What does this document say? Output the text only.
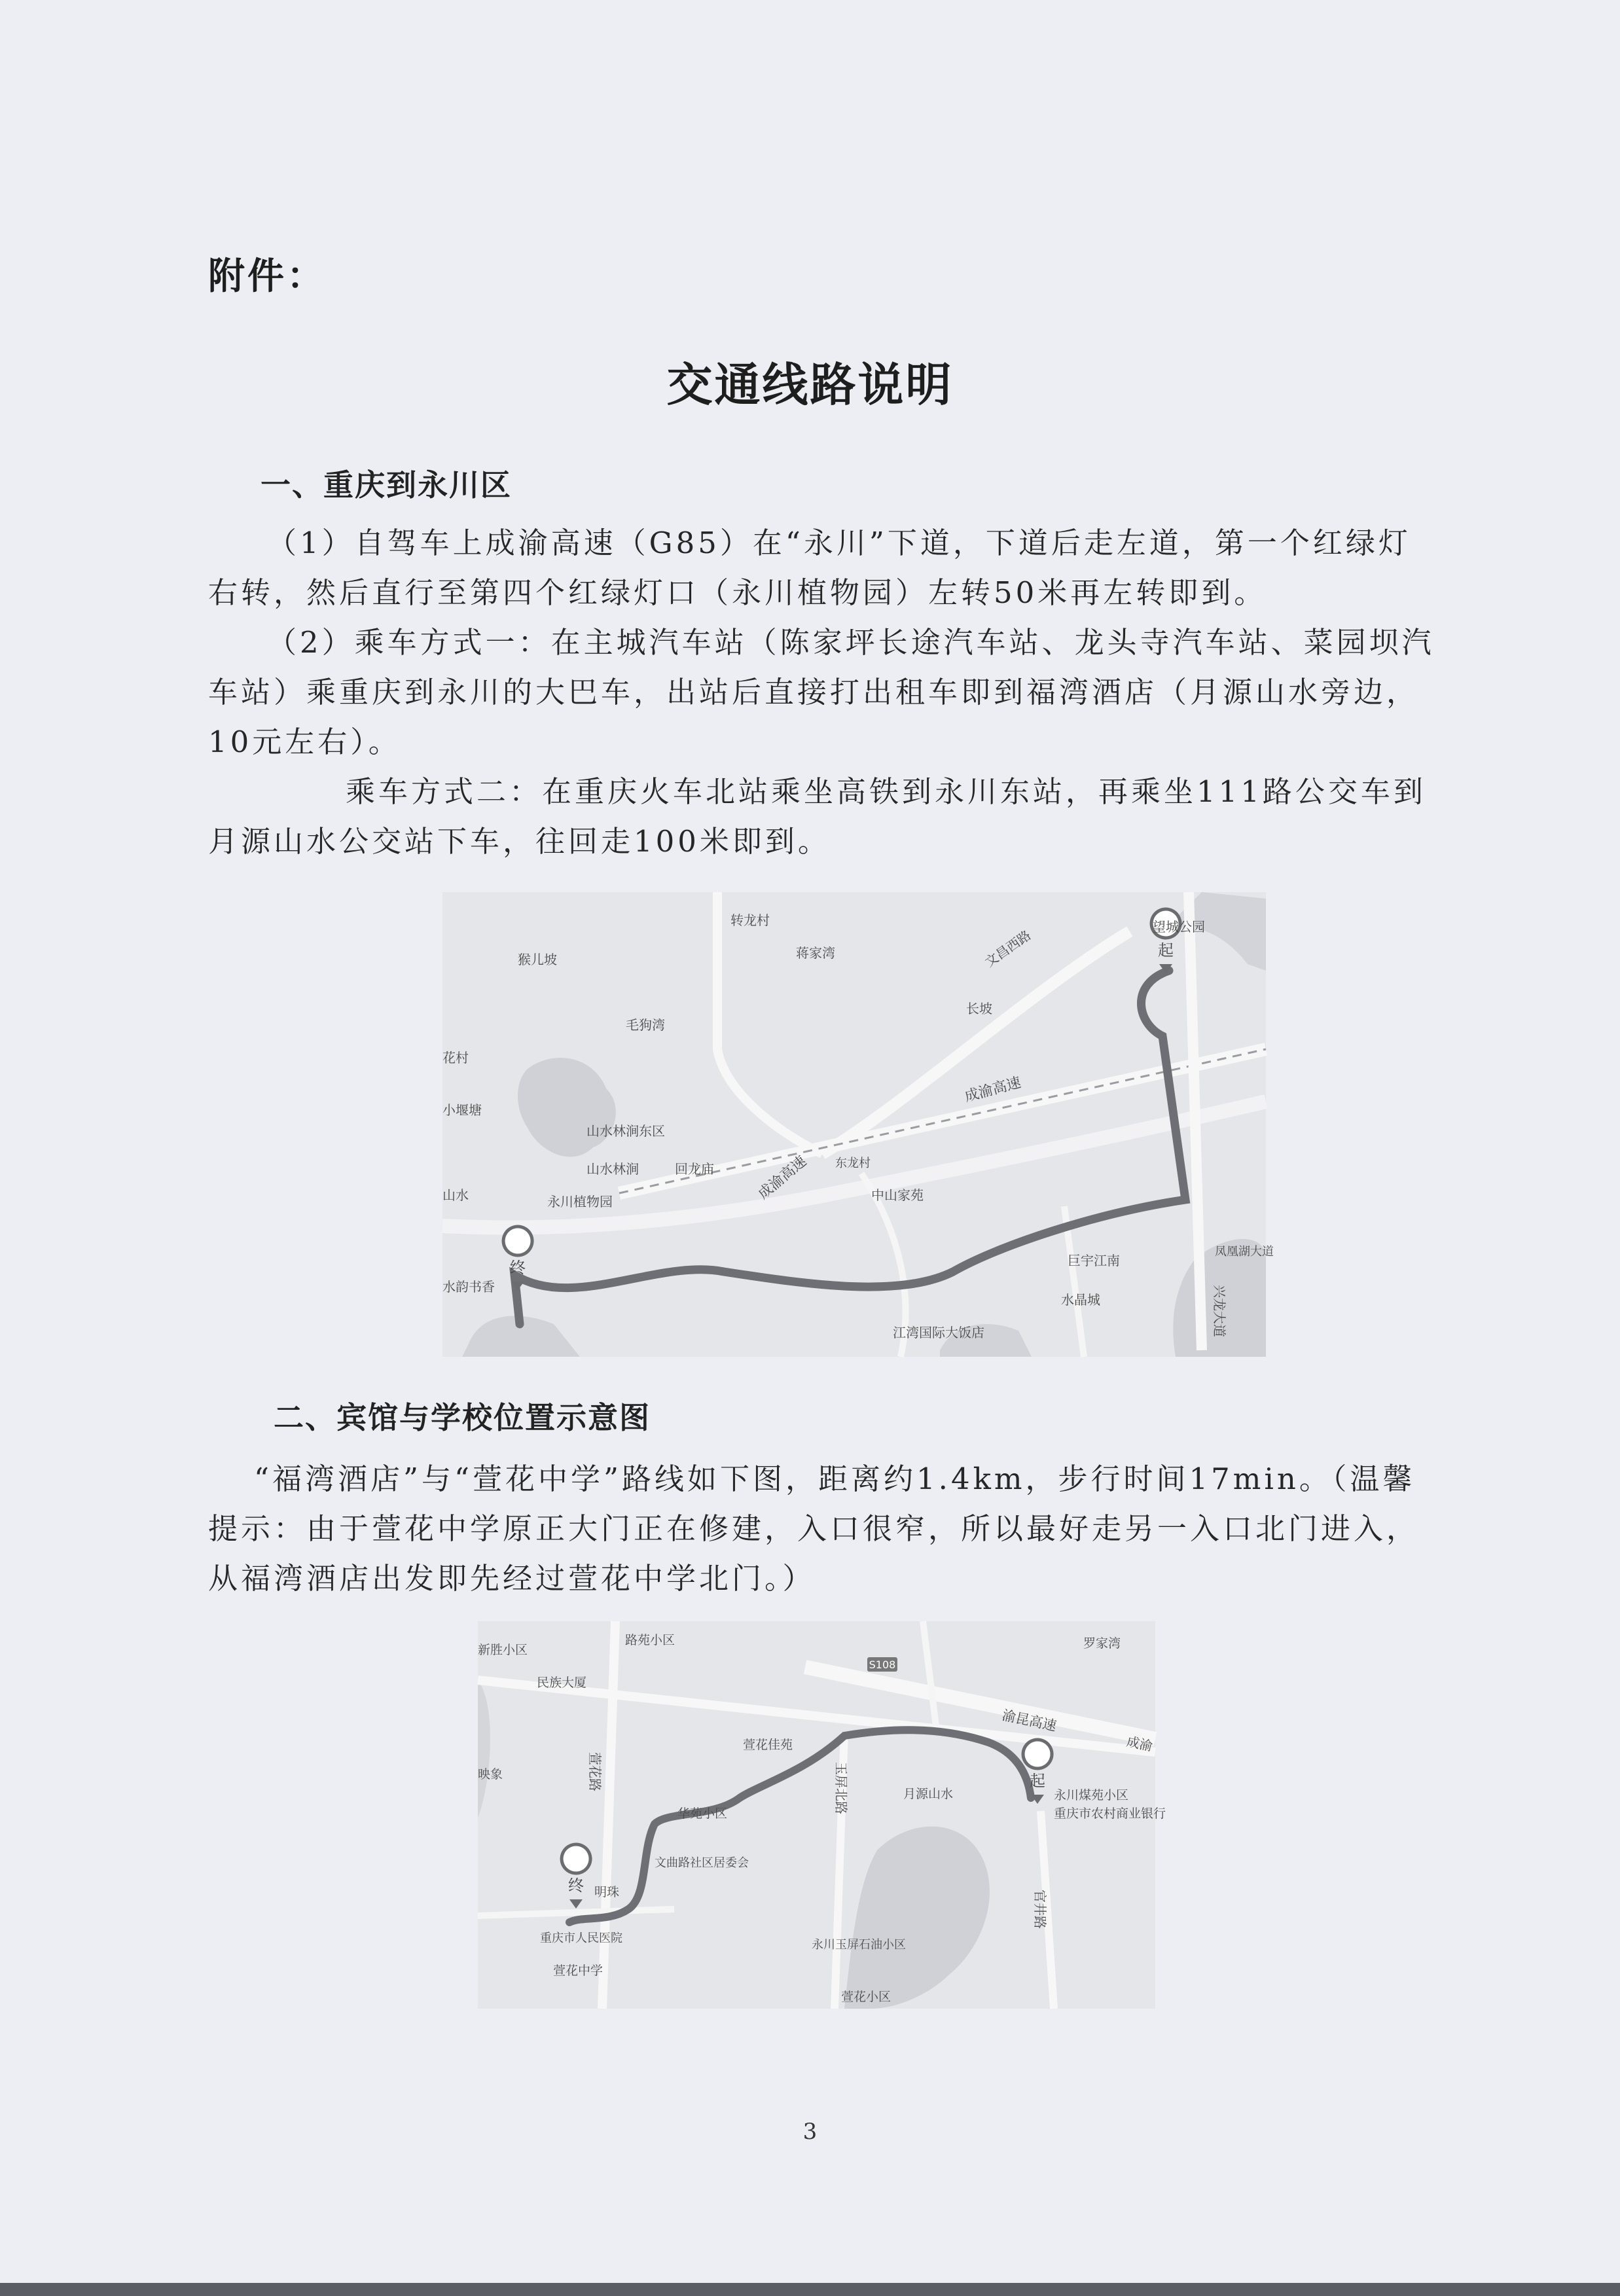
附件：
交通线路说明
一、重庆到永川区

（1）自驾车上成渝高速（G85）在“永川”下道，下道后走左道，第一个红绿灯右转，然后直行至第四个红绿灯口（永川植物园）左转50米再左转即到。

（2）乘车方式一：在主城汽车站（陈家坪长途汽车站、龙头寺汽车站、菜园坝汽车站）乘重庆到永川的大巴车，出站后直接打出租车即到福湾酒店（月源山水旁边，10元左右）。

乘车方式二：在重庆火车北站乘坐高铁到永川东站，再乘坐111路公交车到月源山水公交站下车，往回走100米即到。

起
终
转龙村
猴儿坡	蒋家湾	文昌西路
望城公园
长坡
毛狗湾
花村
小堰塘
山水林涧东区
山水林涧	回龙庙
山水	永川植物园	中山家苑
成渝高速
成渝高速
水韵书香
巨宇江南
水晶城
江湾国际大饭店	兴龙大道
东龙村
凤凰湖大道
二、宾馆与学校位置示意图

“福湾酒店”与“萱花中学”路线如下图，距离约1.4km，步行时间17min。（温馨提示：由于萱花中学原正大门正在修建，入口很窄，所以最好走另一入口北门进入，从福湾酒店出发即先经过萱花中学北门。）

S108
起
终
路苑小区
新胜小区
民族大厦
罗家湾
渝昆高速
萱花佳苑
月源山水	永川煤苑小区
重庆市农村商业银行
萱花路
映象
华苑小区
文曲路社区居委会
明珠
重庆市人民医院
萱花中学
永川玉屏石油小区
萱花小区
玉屏北路
官井路
成渝
3
